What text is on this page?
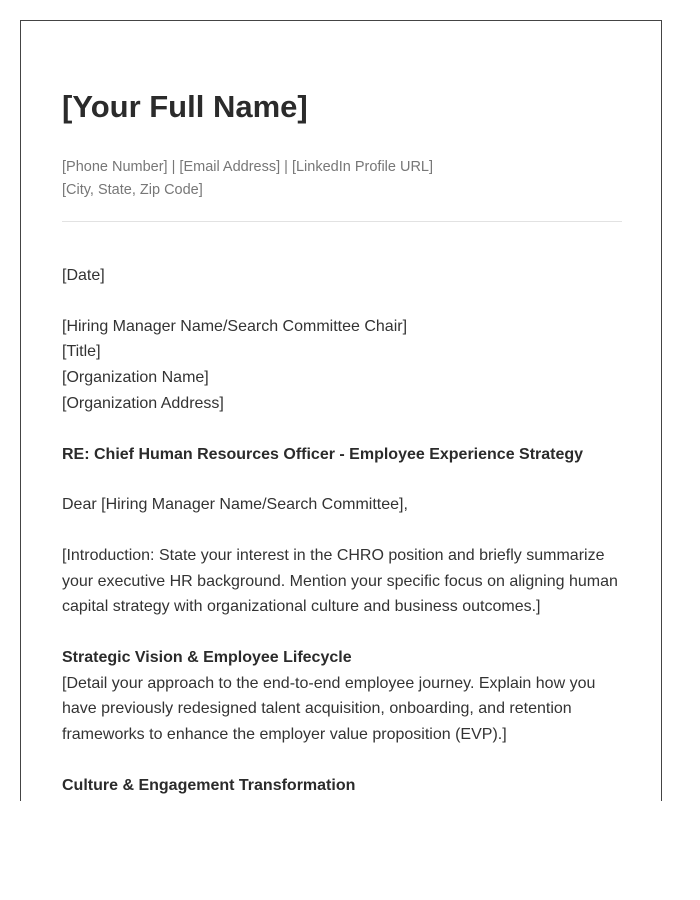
[Your Full Name]
[Phone Number] | [Email Address] | [LinkedIn Profile URL]
[City, State, Zip Code]

[Date]

[Hiring Manager Name/Search Committee Chair]
[Title]
[Organization Name]
[Organization Address]

RE: Chief Human Resources Officer - Employee Experience Strategy

Dear [Hiring Manager Name/Search Committee],

[Introduction: State your interest in the CHRO position and briefly summarize
your executive HR background. Mention your specific focus on aligning human
capital strategy with organizational culture and business outcomes.]

Strategic Vision & Employee Lifecycle
[Detail your approach to the end-to-end employee journey. Explain how you
have previously redesigned talent acquisition, onboarding, and retention
frameworks to enhance the employer value proposition (EVP).]

Culture & Engagement Transformation
